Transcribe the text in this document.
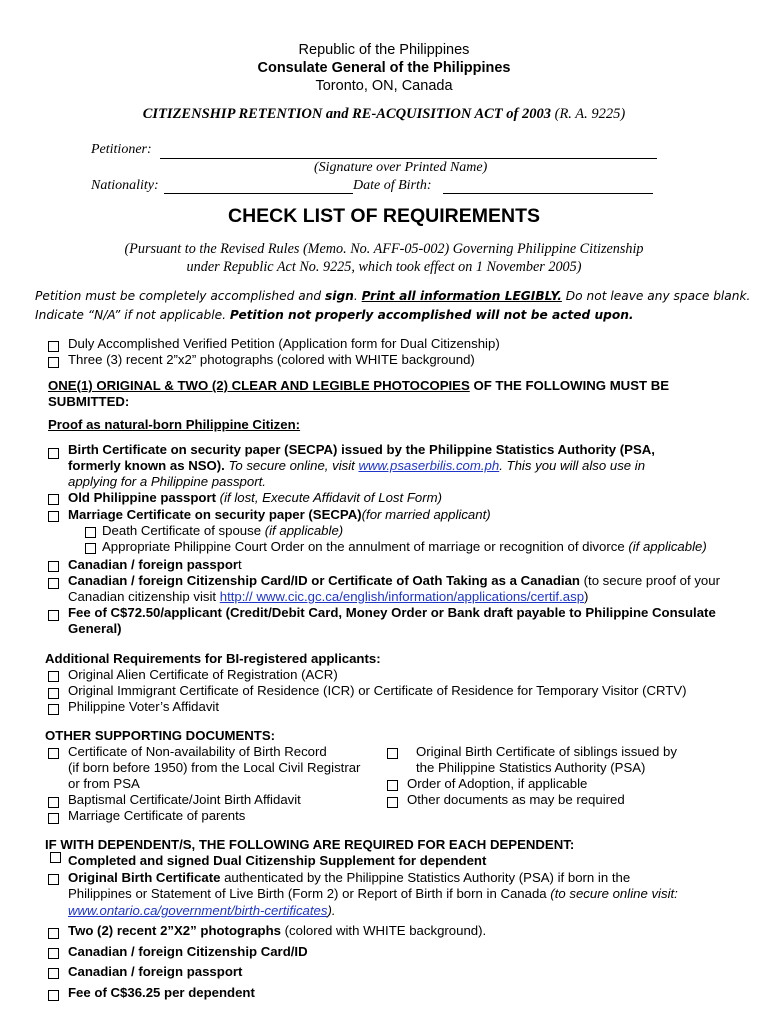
Republic of the Philippines
Consulate General of the Philippines
Toronto, ON, Canada
CITIZENSHIP RETENTION and RE-ACQUISITION ACT of 2003 (R. A. 9225)
Petitioner:
(Signature over Printed Name)
Nationality:	Date of Birth:
CHECK LIST OF REQUIREMENTS
(Pursuant to the Revised Rules (Memo. No. AFF-05-002) Governing Philippine Citizenship
under Republic Act No. 9225, which took effect on 1 November 2005)
Petition must be completely accomplished and sign. Print all information LEGIBLY. Do not leave any space blank.
Indicate “N/A” if not applicable. Petition not properly accomplished will not be acted upon.
Duly Accomplished Verified Petition (Application form for Dual Citizenship)
Three (3) recent 2”x2” photographs (colored with WHITE background)
ONE(1) ORIGINAL & TWO (2) CLEAR AND LEGIBLE PHOTOCOPIES OF THE FOLLOWING MUST BE
SUBMITTED:
Proof as natural-born Philippine Citizen:
Birth Certificate on security paper (SECPA) issued by the Philippine Statistics Authority (PSA,
formerly known as NSO). To secure online, visit www.psaserbilis.com.ph. This you will also use in
applying for a Philippine passport.
Old Philippine passport (if lost, Execute Affidavit of Lost Form)
Marriage Certificate on security paper (SECPA)(for married applicant)
Death Certificate of spouse (if applicable)
Appropriate Philippine Court Order on the annulment of marriage or recognition of divorce (if applicable)
Canadian / foreign passport
Canadian / foreign Citizenship Card/ID or Certificate of Oath Taking as a Canadian (to secure proof of your
Canadian citizenship visit http:// www.cic.gc.ca/english/information/applications/certif.asp)
Fee of C$72.50/applicant (Credit/Debit Card, Money Order or Bank draft payable to Philippine Consulate
General)
Additional Requirements for BI-registered applicants:
Original Alien Certificate of Registration (ACR)
Original Immigrant Certificate of Residence (ICR) or Certificate of Residence for Temporary Visitor (CRTV)
Philippine Voter’s Affidavit
OTHER SUPPORTING DOCUMENTS:
Certificate of Non-availability of Birth Record
(if born before 1950) from the Local Civil Registrar
or from PSA
Baptismal Certificate/Joint Birth Affidavit
Marriage Certificate of parents
Original Birth Certificate of siblings issued by
the Philippine Statistics Authority (PSA)
Order of Adoption, if applicable
Other documents as may be required
IF WITH DEPENDENT/S, THE FOLLOWING ARE REQUIRED FOR EACH DEPENDENT:
Completed and signed Dual Citizenship Supplement for dependent
Original Birth Certificate authenticated by the Philippine Statistics Authority (PSA) if born in the
Philippines or Statement of Live Birth (Form 2) or Report of Birth if born in Canada (to secure online visit:
www.ontario.ca/government/birth-certificates).
Two (2) recent 2”X2” photographs (colored with WHITE background).
Canadian / foreign Citizenship Card/ID
Canadian / foreign passport
Fee of C$36.25 per dependent
